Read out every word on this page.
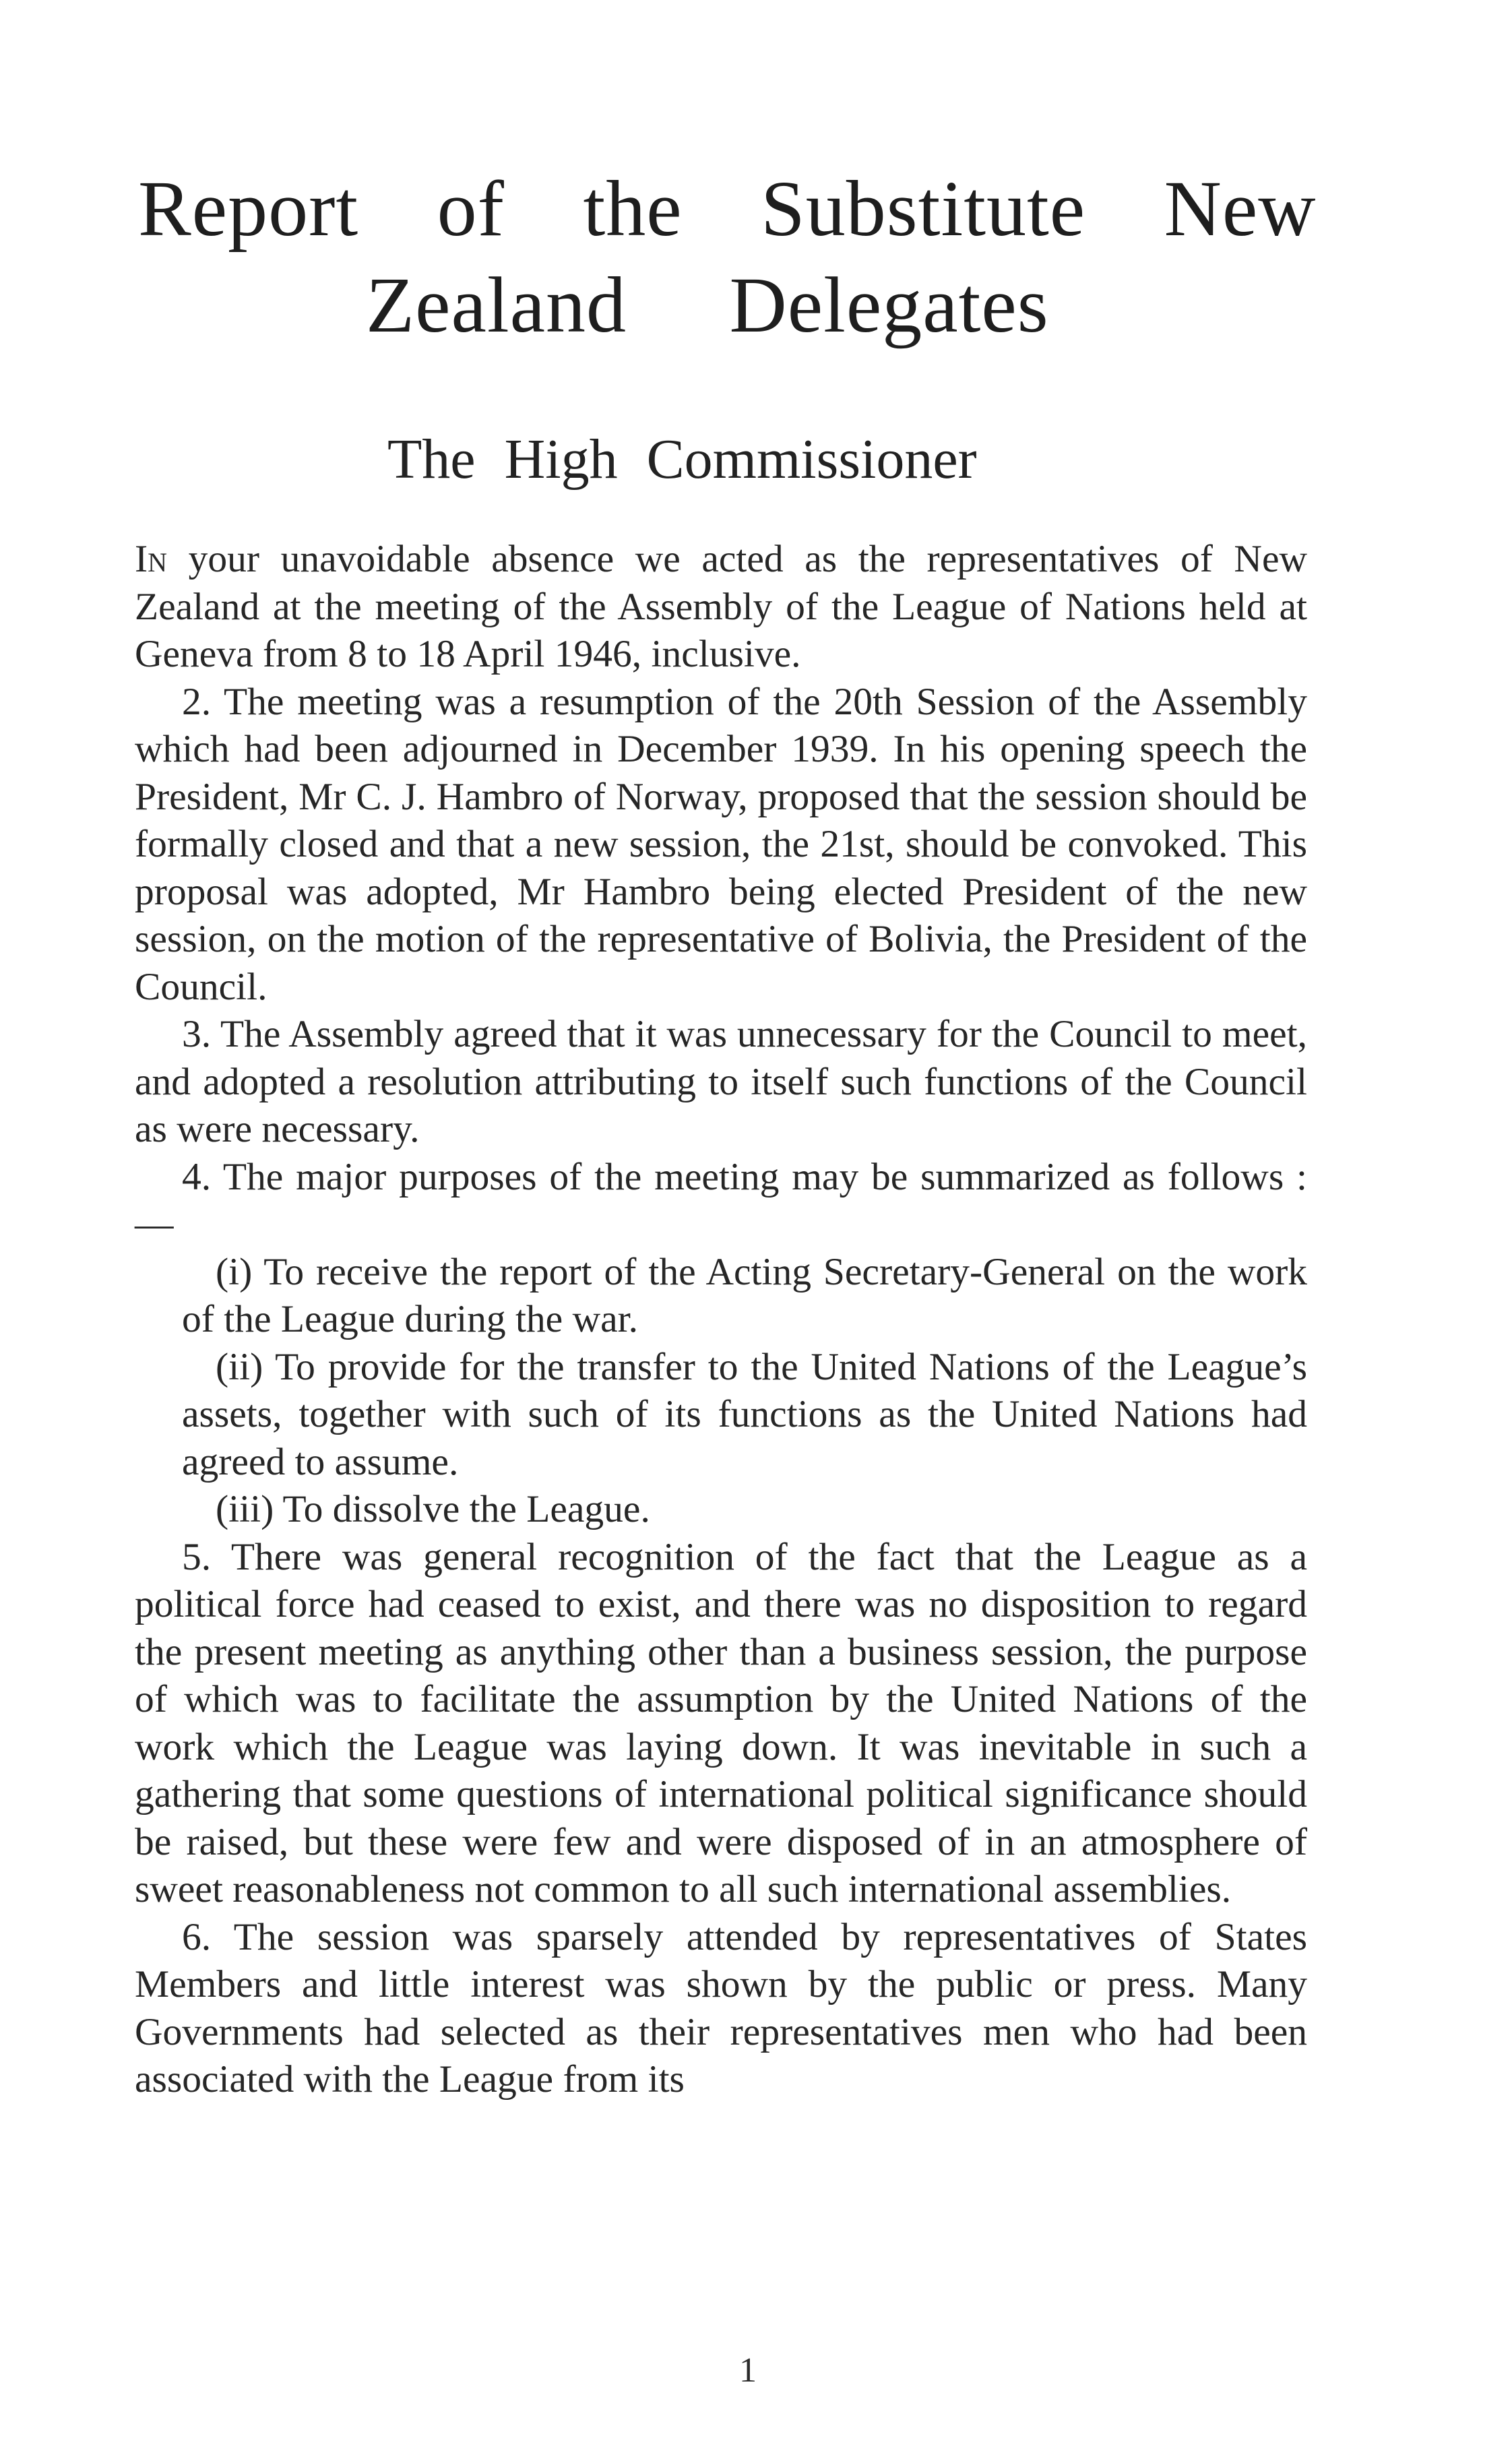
Report of the Substitute New
Zealand Delegates
The High Commissioner

In your unavoidable absence we acted as the representatives of New Zealand at the meeting of the Assembly of the League of Nations held at Geneva from 8 to 18 April 1946, inclusive.

2. The meeting was a resumption of the 20th Session of the Assembly which had been adjourned in December 1939. In his opening speech the President, Mr C. J. Hambro of Norway, proposed that the session should be formally closed and that a new session, the 21st, should be convoked. This proposal was adopted, Mr Hambro being elected President of the new session, on the motion of the representative of Bolivia, the President of the Council.

3. The Assembly agreed that it was unnecessary for the Council to meet, and adopted a resolution attributing to itself such functions of the Council as were necessary.

4. The major purposes of the meeting may be summarized as follows :—

(i) To receive the report of the Acting Secretary-General on the work of the League during the war.

(ii) To provide for the transfer to the United Nations of the League’s assets, together with such of its functions as the United Nations had agreed to assume.

(iii) To dissolve the League.

5. There was general recognition of the fact that the League as a political force had ceased to exist, and there was no disposition to regard the present meeting as anything other than a business session, the purpose of which was to facilitate the assumption by the United Nations of the work which the League was laying down. It was inevitable in such a gathering that some questions of international political significance should be raised, but these were few and were disposed of in an atmosphere of sweet reasonableness not common to all such international assemblies.

6. The session was sparsely attended by representatives of States Members and little interest was shown by the public or press. Many Governments had selected as their representatives men who had been associated with the League from its

1
